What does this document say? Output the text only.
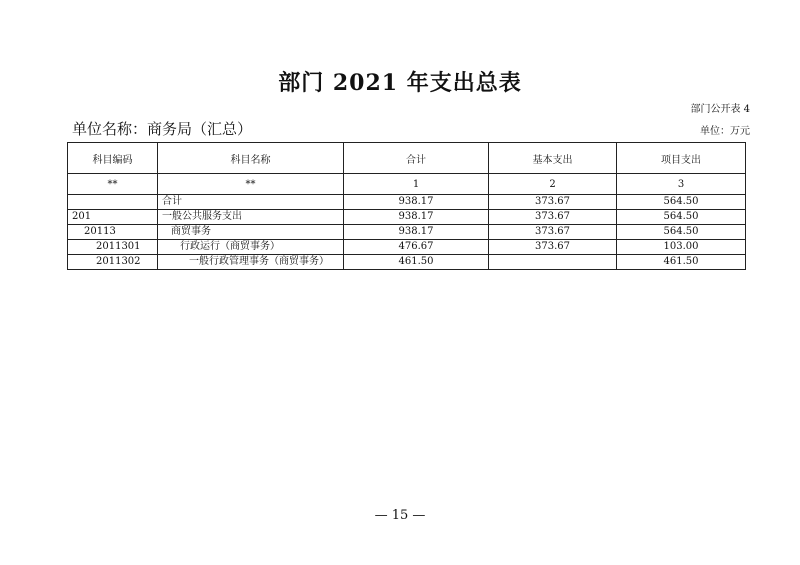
部门 2021 年支出总表
部门公开表 4
单位名称：商务局（汇总）	单位：万元
科目编码	科目名称	合计	基本支出	项目支出
**	**	1	2	3
	合计	938.17	373.67	564.50
201	一般公共服务支出	938.17	373.67	564.50
20113	商贸事务	938.17	373.67	564.50
2011301	行政运行（商贸事务）	476.67	373.67	103.00
2011302	一般行政管理事务（商贸事务）	461.50		461.50
— 15 —
